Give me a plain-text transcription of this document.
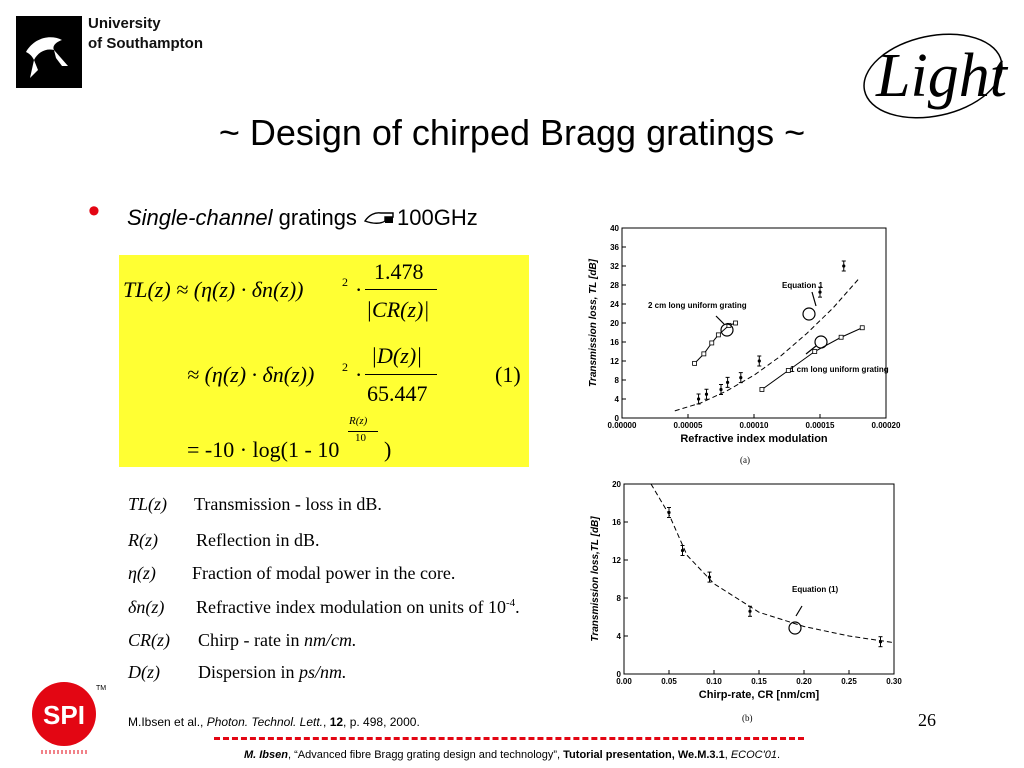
University
of Southampton	Light
~ Design of chirped Bragg gratings ~
• Single-channel gratings 100GHz
TL(z) ≈ (η(z) · δn(z))	2 ·
1.478
|CR(z)|
≈ (η(z) · δn(z)) 2 ·
|D(z)|
65.447
(1)
= -10 · log(1 - 10
R(z)
10 )
TL(z) Transmission - loss in dB.
R(z) Reflection in dB.
η(z) Fraction of modal power in the core.
δn(z) Refractive index modulation on units of $10^{-4}$.
CR(z) Chirp - rate in nm/cm.
D(z) Dispersion in ps/nm.
0
4
8
12
16
20
24
28
32
36
40
0.00000	0.00005	0.00010	0.00015	0.00020
Refractive index modulation
Transmission loss, TL [dB]	Equation 1
2 cm long uniform grating
1 cm long uniform grating
(a)
0
4
8
12
16
20
0.00	0.05	0.10	0.15	0.20	0.25	0.30
Chirp-rate, CR [nm/cm]
Transmission loss,TL [dB]	Equation (1)
(b)	26
SPI
TM
M.Ibsen et al., Photon. Technol. Lett., 12, p. 498, 2000.
M. Ibsen, “Advanced fibre Bragg grating design and technology”, Tutorial presentation, We.M.3.1, ECOC'01.
